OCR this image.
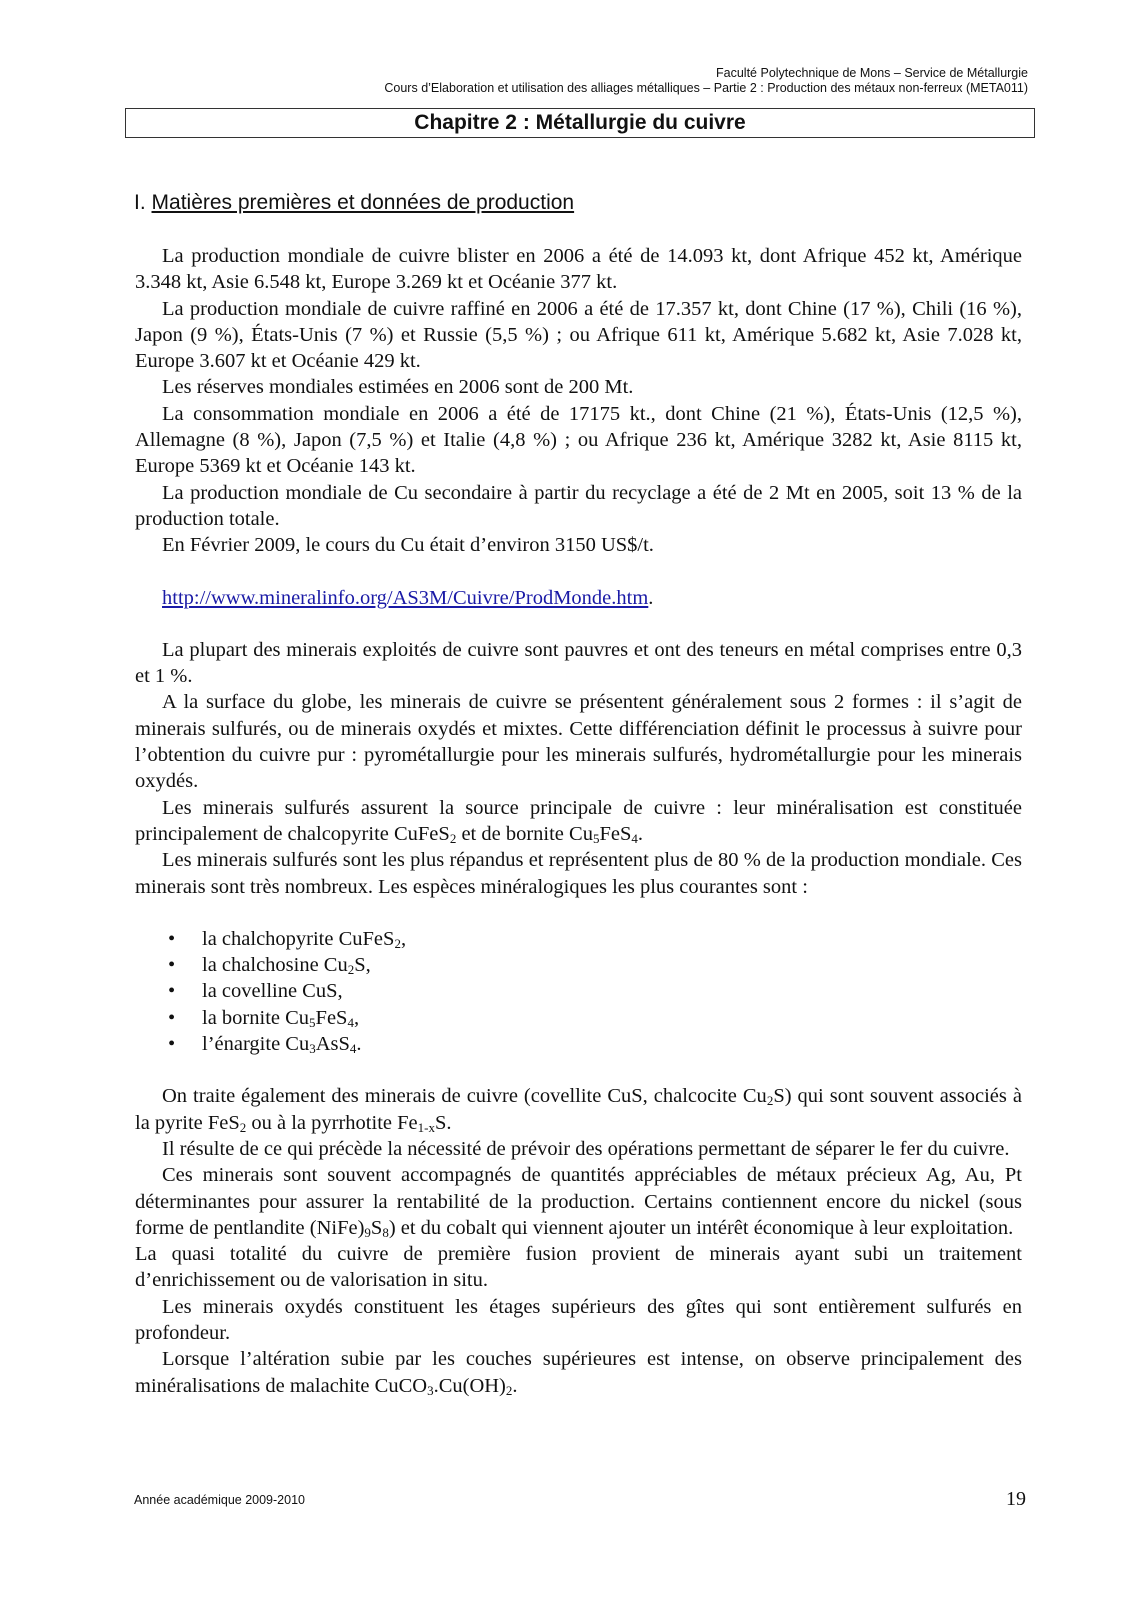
Faculté Polytechnique de Mons – Service de Métallurgie
Cours d’Elaboration et utilisation des alliages métalliques – Partie 2 : Production des métaux non-ferreux (META011)
Chapitre 2 : Métallurgie du cuivre
I. Matières premières et données de production

La production mondiale de cuivre blister en 2006 a été de 14.093 kt, dont Afrique 452 kt, Amérique 3.348 kt, Asie 6.548 kt, Europe 3.269 kt et Océanie 377 kt.

La production mondiale de cuivre raffiné en 2006 a été de 17.357 kt, dont Chine (17 %), Chili (16 %), Japon (9 %), États-Unis (7 %) et Russie (5,5 %) ; ou Afrique 611 kt, Amérique 5.682 kt, Asie 7.028 kt, Europe 3.607 kt et Océanie 429 kt.

Les réserves mondiales estimées en 2006 sont de 200 Mt.

La consommation mondiale en 2006 a été de 17175 kt., dont Chine (21 %), États-Unis (12,5 %), Allemagne (8 %), Japon (7,5 %) et Italie (4,8 %) ; ou Afrique 236 kt, Amérique 3282 kt, Asie 8115 kt, Europe 5369 kt et Océanie 143 kt.

La production mondiale de Cu secondaire à partir du recyclage a été de 2 Mt en 2005, soit 13 % de la production totale.

En Février 2009, le cours du Cu était d’environ 3150 US$/t.

http://www.mineralinfo.org/AS3M/Cuivre/ProdMonde.htm.

La plupart des minerais exploités de cuivre sont pauvres et ont des teneurs en métal comprises entre 0,3 et 1 %.

A la surface du globe, les minerais de cuivre se présentent généralement sous 2 formes : il s’agit de minerais sulfurés, ou de minerais oxydés et mixtes. Cette différenciation définit le processus à suivre pour l’obtention du cuivre pur : pyrométallurgie pour les minerais sulfurés, hydrométallurgie pour les minerais oxydés.

Les minerais sulfurés assurent la source principale de cuivre : leur minéralisation est constituée principalement de chalcopyrite CuFeS$_2$ et de bornite $Cu_5FeS_4$.

Les minerais sulfurés sont les plus répandus et représentent plus de 80 % de la production mondiale. Ces minerais sont très nombreux. Les espèces minéralogiques les plus courantes sont :

• la chalchopyrite CuFeS$_2$,
• la chalchosine $Cu_2S$,
• la covelline CuS,
• la bornite $Cu_5FeS_4$,
• l’énargite $Cu_3AsS_4$.

On traite également des minerais de cuivre (covellite CuS, chalcocite $Cu_2S$) qui sont souvent associés à la pyrite FeS$_2$ ou à la pyrrhotite $Fe_{1-x}S$.

Il résulte de ce qui précède la nécessité de prévoir des opérations permettant de séparer le fer du cuivre.

Ces minerais sont souvent accompagnés de quantités appréciables de métaux précieux Ag, Au, Pt déterminantes pour assurer la rentabilité de la production. Certains contiennent encore du nickel (sous forme de pentlandite $(NiFe)_9S_8$) et du cobalt qui viennent ajouter un intérêt économique à leur exploitation.

La quasi totalité du cuivre de première fusion provient de minerais ayant subi un traitement d’enrichissement ou de valorisation in situ.

Les minerais oxydés constituent les étages supérieurs des gîtes qui sont entièrement sulfurés en profondeur.

Lorsque l’altération subie par les couches supérieures est intense, on observe principalement des minéralisations de malachite $CuCO_3.Cu(OH)_2$.

Année académique 2009-2010	19
